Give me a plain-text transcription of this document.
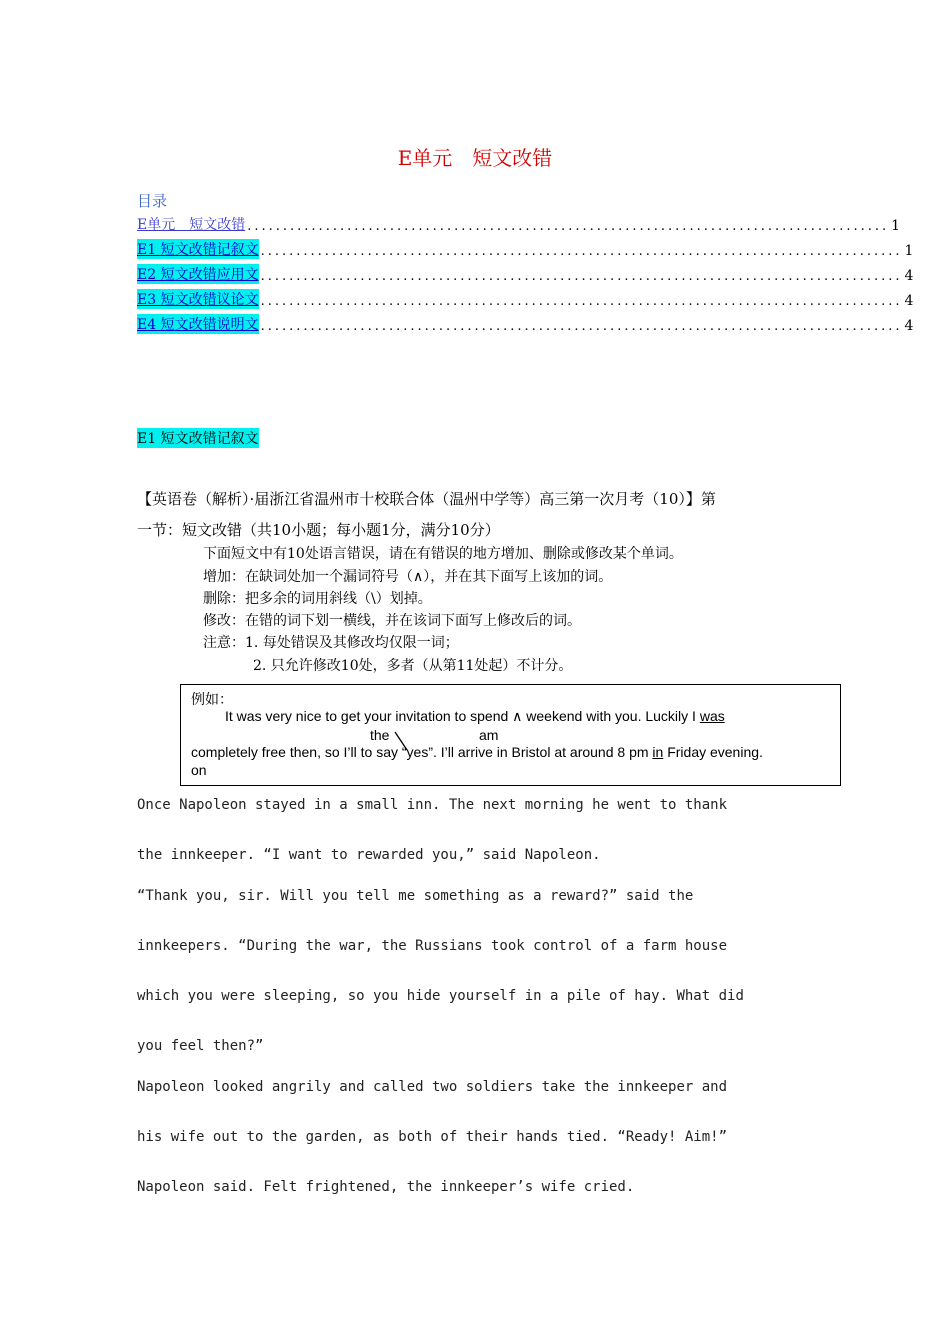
E单元　短文改错
目录
E单元　短文改错 .......................................................................................... 1
E1 短文改错记叙文 .......................................................................................... 1
E2 短文改错应用文 .......................................................................................... 4
E3 短文改错议论文 .......................................................................................... 4
E4 短文改错说明文 .......................................................................................... 4
E1 短文改错记叙文
【英语卷（解析）·届浙江省温州市十校联合体（温州中学等）高三第一次月考（10）】第
一节：短文改错（共10小题；每小题1分，满分10分）
下面短文中有10处语言错误，请在有错误的地方增加、删除或修改某个单词。
增加：在缺词处加一个漏词符号（∧），并在其下面写上该加的词。
删除：把多余的词用斜线（\）划掉。
修改：在错的词下划一横线，并在该词下面写上修改后的词。
注意：1. 每处错误及其修改均仅限一词；
2. 只允许修改10处，多者（从第11处起）不计分。
例如：
It was very nice to get your invitation to spend ∧ weekend with you. Luckily I was
the	am
completely free then, so I’ll to say “yes”. I’ll arrive in Bristol at around 8 pm in Friday evening.
on
Once Napoleon stayed in a small inn. The next morning he went to thank
the innkeeper. “I want to rewarded you,” said Napoleon.
“Thank you, sir. Will you tell me something as a reward?” said the
innkeepers. “During the war, the Russians took control of a farm house
which you were sleeping, so you hide yourself in a pile of hay. What did
you feel then?”
Napoleon looked angrily and called two soldiers take the innkeeper and
his wife out to the garden, as both of their hands tied. “Ready! Aim!”
Napoleon said. Felt frightened, the innkeeper’s wife cried.
